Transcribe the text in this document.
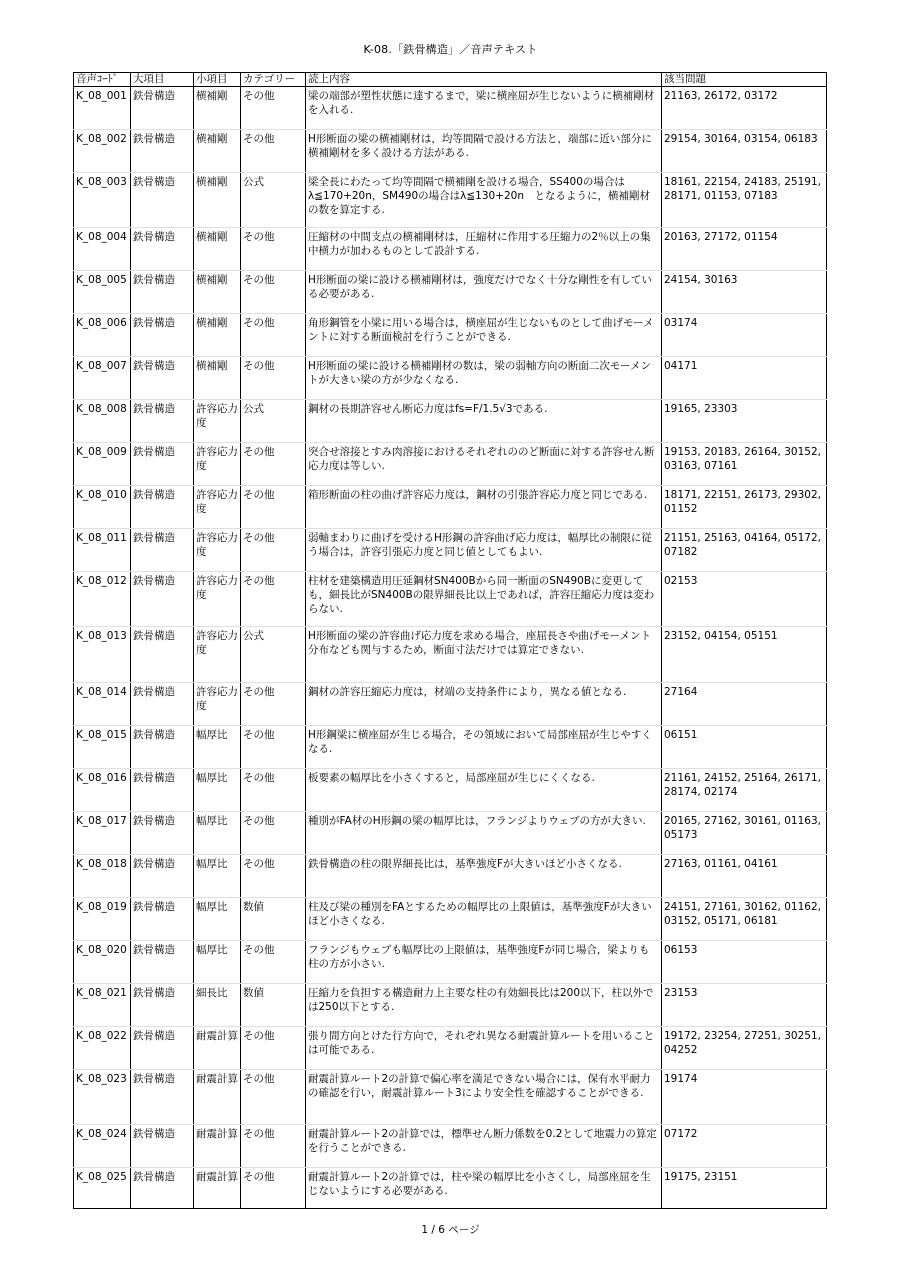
K-08.「鉄骨構造」／音声テキスト
音声ｺｰﾄﾞ	大項目	小項目	カテゴリー	読上内容	該当問題
K_08_001	鉄骨構造	横補剛	その他	梁の端部が塑性状態に達するまで，梁に横座屈が生じないように横補剛材を入れる.	21163, 26172, 03172
K_08_002	鉄骨構造	横補剛	その他	H形断面の梁の横補剛材は，均等間隔で設ける方法と，端部に近い部分に横補剛材を多く設ける方法がある.	29154, 30164, 03154, 06183
K_08_003	鉄骨構造	横補剛	公式	梁全長にわたって均等間隔で横補剛を設ける場合，SS400の場合はλ≦170+20n，SM490の場合はλ≦130+20n　となるように，横補剛材の数を算定する.	18161, 22154, 24183, 25191, 28171, 01153, 07183
K_08_004	鉄骨構造	横補剛	その他	圧縮材の中間支点の横補剛材は，圧縮材に作用する圧縮力の2％以上の集中横力が加わるものとして設計する.	20163, 27172, 01154
K_08_005	鉄骨構造	横補剛	その他	H形断面の梁に設ける横補剛材は，強度だけでなく十分な剛性を有している必要がある.	24154, 30163
K_08_006	鉄骨構造	横補剛	その他	角形鋼管を小梁に用いる場合は，横座屈が生じないものとして曲げモーメントに対する断面検討を行うことができる.	03174
K_08_007	鉄骨構造	横補剛	その他	H形断面の梁に設ける横補剛材の数は，梁の弱軸方向の断面二次モーメントが大きい梁の方が少なくなる.	04171
K_08_008	鉄骨構造	許容応力度	公式	鋼材の長期許容せん断応力度はfs=F/1.5√3である.	19165, 23303
K_08_009	鉄骨構造	許容応力度	その他	突合せ溶接とすみ肉溶接におけるそれぞれののど断面に対する許容せん断応力度は等しい.	19153, 20183, 26164, 30152, 03163, 07161
K_08_010	鉄骨構造	許容応力度	その他	箱形断面の柱の曲げ許容応力度は，鋼材の引張許容応力度と同じである.	18171, 22151, 26173, 29302, 01152
K_08_011	鉄骨構造	許容応力度	その他	弱軸まわりに曲げを受けるH形鋼の許容曲げ応力度は，幅厚比の制限に従う場合は，許容引張応力度と同じ値としてもよい.	21151, 25163, 04164, 05172, 07182
K_08_012	鉄骨構造	許容応力度	その他	柱材を建築構造用圧延鋼材SN400Bから同一断面のSN490Bに変更しても，細長比がSN400Bの限界細長比以上であれば，許容圧縮応力度は変わらない.	02153
K_08_013	鉄骨構造	許容応力度	公式	H形断面の梁の許容曲げ応力度を求める場合，座屈長さや曲げモーメント分布なども関与するため，断面寸法だけでは算定できない.	23152, 04154, 05151
K_08_014	鉄骨構造	許容応力度	その他	鋼材の許容圧縮応力度は，材端の支持条件により，異なる値となる.	27164
K_08_015	鉄骨構造	幅厚比	その他	H形鋼梁に横座屈が生じる場合，その領域において局部座屈が生じやすくなる.	06151
K_08_016	鉄骨構造	幅厚比	その他	板要素の幅厚比を小さくすると，局部座屈が生じにくくなる.	21161, 24152, 25164, 26171, 28174, 02174
K_08_017	鉄骨構造	幅厚比	その他	種別がFA材のH形鋼の梁の幅厚比は，フランジよりウェブの方が大きい.	20165, 27162, 30161, 01163, 05173
K_08_018	鉄骨構造	幅厚比	その他	鉄骨構造の柱の限界細長比は，基準強度Fが大きいほど小さくなる.	27163, 01161, 04161
K_08_019	鉄骨構造	幅厚比	数値	柱及び梁の種別をFAとするための幅厚比の上限値は，基準強度Fが大きいほど小さくなる.	24151, 27161, 30162, 01162, 03152, 05171, 06181
K_08_020	鉄骨構造	幅厚比	その他	フランジもウェブも幅厚比の上限値は，基準強度Fが同じ場合，梁よりも柱の方が小さい.	06153
K_08_021	鉄骨構造	細長比	数値	圧縮力を負担する構造耐力上主要な柱の有効細長比は200以下，柱以外では250以下とする.	23153
K_08_022	鉄骨構造	耐震計算	その他	張り間方向とけた行方向で，それぞれ異なる耐震計算ルートを用いることは可能である.	19172, 23254, 27251, 30251, 04252
K_08_023	鉄骨構造	耐震計算	その他	耐震計算ルート2の計算で偏心率を満足できない場合には，保有水平耐力の確認を行い，耐震計算ルート3により安全性を確認することができる.	19174
K_08_024	鉄骨構造	耐震計算	その他	耐震計算ルート2の計算では，標準せん断力係数を0.2として地震力の算定を行うことができる.	07172
K_08_025	鉄骨構造	耐震計算	その他	耐震計算ルート2の計算では，柱や梁の幅厚比を小さくし，局部座屈を生じないようにする必要がある.	19175, 23151
1 / 6 ページ
